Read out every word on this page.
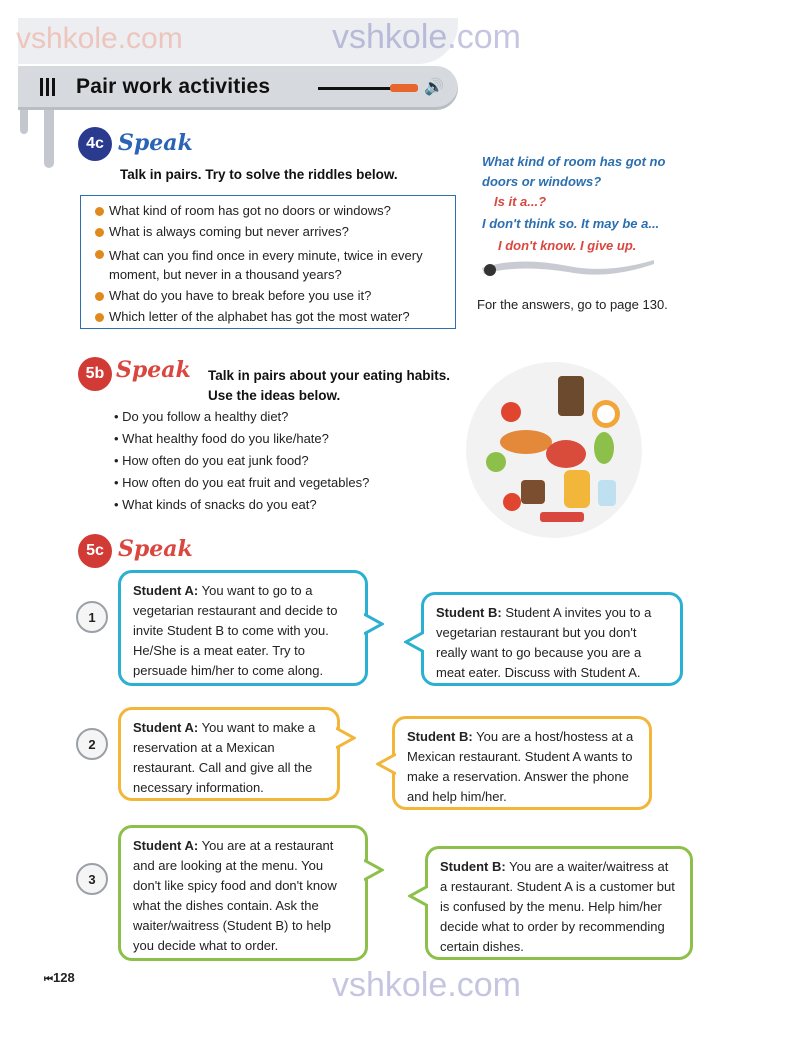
Pair work activities	🔊
4c Speak
Talk in pairs. Try to solve the riddles below.
What kind of room has got no doors or windows?
What is always coming but never arrives?
What can you find once in every minute, twice in every moment, but never in a thousand years?
What do you have to break before you use it?
Which letter of the alphabet has got the most water?
What kind of room has got no doors or windows?
Is it a...?
I don't think so. It may be a...
I don't know. I give up.
For the answers, go to page 130.
5b Speak Talk in pairs about your eating habits.
Use the ideas below.
• Do you follow a healthy diet?
• What healthy food do you like/hate?
• How often do you eat junk food?
• How often do you eat fruit and vegetables?
• What kinds of snacks do you eat?
5c Speak
1
Student A: You want to go to a vegetarian restaurant and decide to invite Student B to come with you. He/She is a meat eater. Try to persuade him/her to come along.
Student B: Student A invites you to a vegetarian restaurant but you don't really want to go because you are a meat eater. Discuss with Student A.
2
Student A: You want to make a reservation at a Mexican restaurant. Call and give all the necessary information.
Student B: You are a host/hostess at a Mexican restaurant. Student A wants to make a reservation. Answer the phone and help him/her.
3
Student A: You are at a restaurant and are looking at the menu. You don't like spicy food and don't know what the dishes contain. Ask the waiter/waitress (Student B) to help you decide what to order.
Student B: You are a waiter/waitress at a restaurant. Student A is a customer but is confused by the menu. Help him/her decide what to order by recommending certain dishes.
⏮128
vshkole.com	vshkole.com
vshkole.com
